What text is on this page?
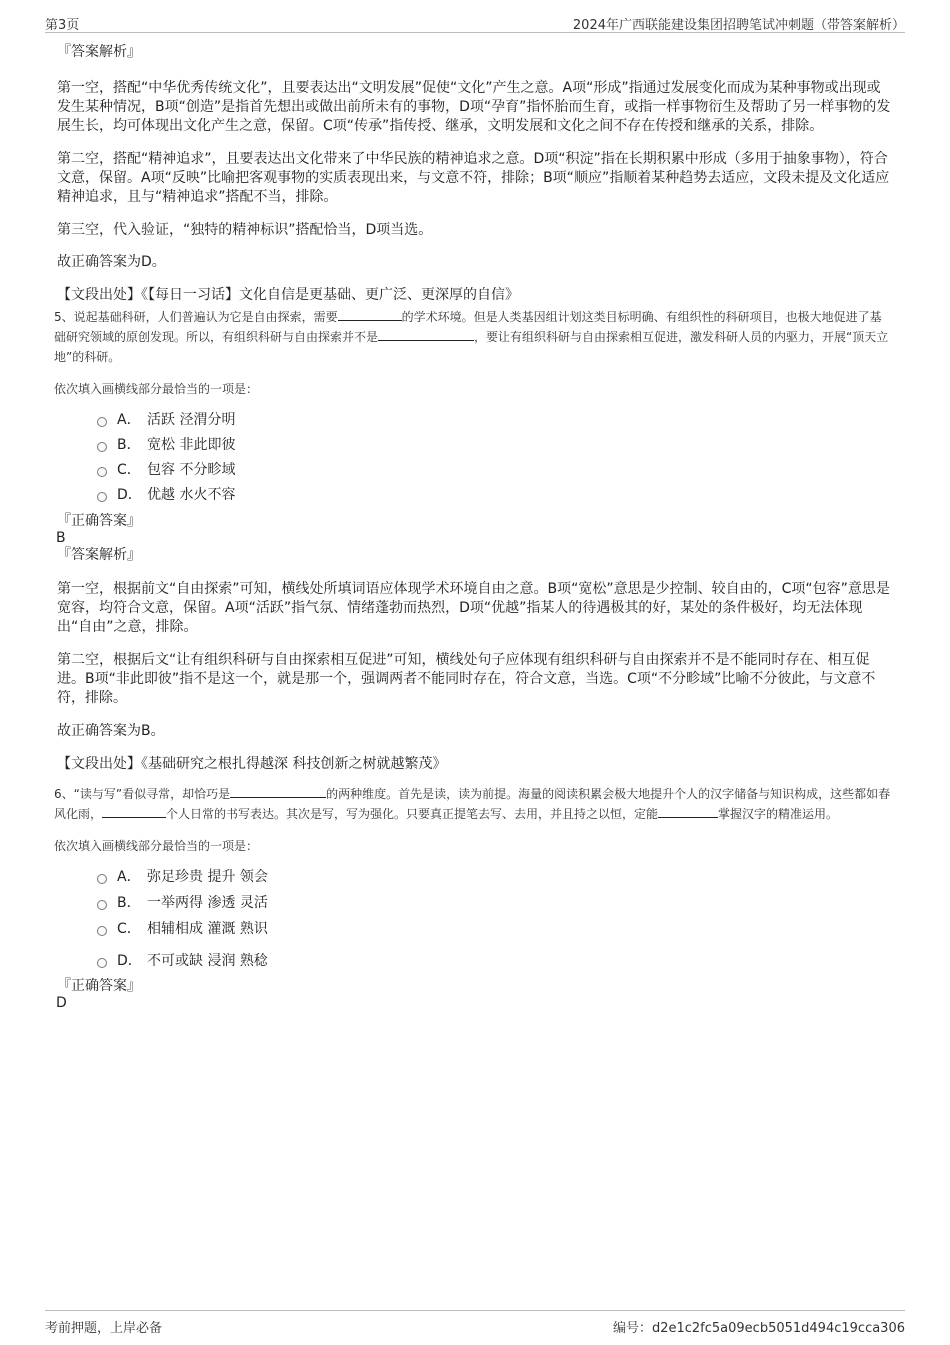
第3页	2024年广西联能建设集团招聘笔试冲刺题（带答案解析）

『答案解析』

第一空，搭配“中华优秀传统文化”，且要表达出“文明发展”促使“文化”产生之意。A项“形成”指通过发展变化而成为某种事物或出现或发生某种情况，B项“创造”是指首先想出或做出前所未有的事物，D项“孕育”指怀胎而生育，或指一样事物衍生及帮助了另一样事物的发展生长，均可体现出文化产生之意，保留。C项“传承”指传授、继承，文明发展和文化之间不存在传授和继承的关系，排除。

第二空，搭配“精神追求”，且要表达出文化带来了中华民族的精神追求之意。D项“积淀”指在长期积累中形成（多用于抽象事物），符合文意，保留。A项“反映”比喻把客观事物的实质表现出来，与文意不符，排除；B项“顺应”指顺着某种趋势去适应，文段未提及文化适应精神追求，且与“精神追求”搭配不当，排除。

第三空，代入验证，“独特的精神标识”搭配恰当，D项当选。

故正确答案为D。

【文段出处】《【每日一习话】文化自信是更基础、更广泛、更深厚的自信》

5、说起基础科研，人们普遍认为它是自由探索，需要	的学术环境。但是人类基因组计划这类目标明确、有组织性的科研项目，也极大地促进了基础研究领域的原创发现。所以，有组织科研与自由探索并不是	，要让有组织科研与自由探索相互促进，激发科研人员的内驱力，开展“顶天立地”的科研。

依次填入画横线部分最恰当的一项是：

A． 活跃 泾渭分明
B． 宽松 非此即彼
C． 包容 不分畛域
D． 优越 水火不容

『正确答案』

B

『答案解析』

第一空，根据前文“自由探索”可知，横线处所填词语应体现学术环境自由之意。B项“宽松”意思是少控制、较自由的，C项“包容”意思是宽容，均符合文意，保留。A项“活跃”指气氛、情绪蓬勃而热烈，D项“优越”指某人的待遇极其的好，某处的条件极好，均无法体现出“自由”之意，排除。

第二空，根据后文“让有组织科研与自由探索相互促进”可知，横线处句子应体现有组织科研与自由探索并不是不能同时存在、相互促进。B项“非此即彼”指不是这一个，就是那一个，强调两者不能同时存在，符合文意，当选。C项“不分畛域”比喻不分彼此，与文意不符，排除。

故正确答案为B。

【文段出处】《基础研究之根扎得越深 科技创新之树就越繁茂》

6、“读与写”看似寻常，却恰巧是	的两种维度。首先是读，读为前提。海量的阅读积累会极大地提升个人的汉字储备与知识构成，这些都如春风化雨，	个人日常的书写表达。其次是写，写为强化。只要真正提笔去写、去用，并且持之以恒，定能	掌握汉字的精准运用。

依次填入画横线部分最恰当的一项是：

A． 弥足珍贵 提升 领会
B． 一举两得 渗透 灵活
C． 相辅相成 灌溉 熟识
D． 不可或缺 浸润 熟稔

『正确答案』

D

考前押题，上岸必备	编号：d2e1c2fc5a09ecb5051d494c19cca306
